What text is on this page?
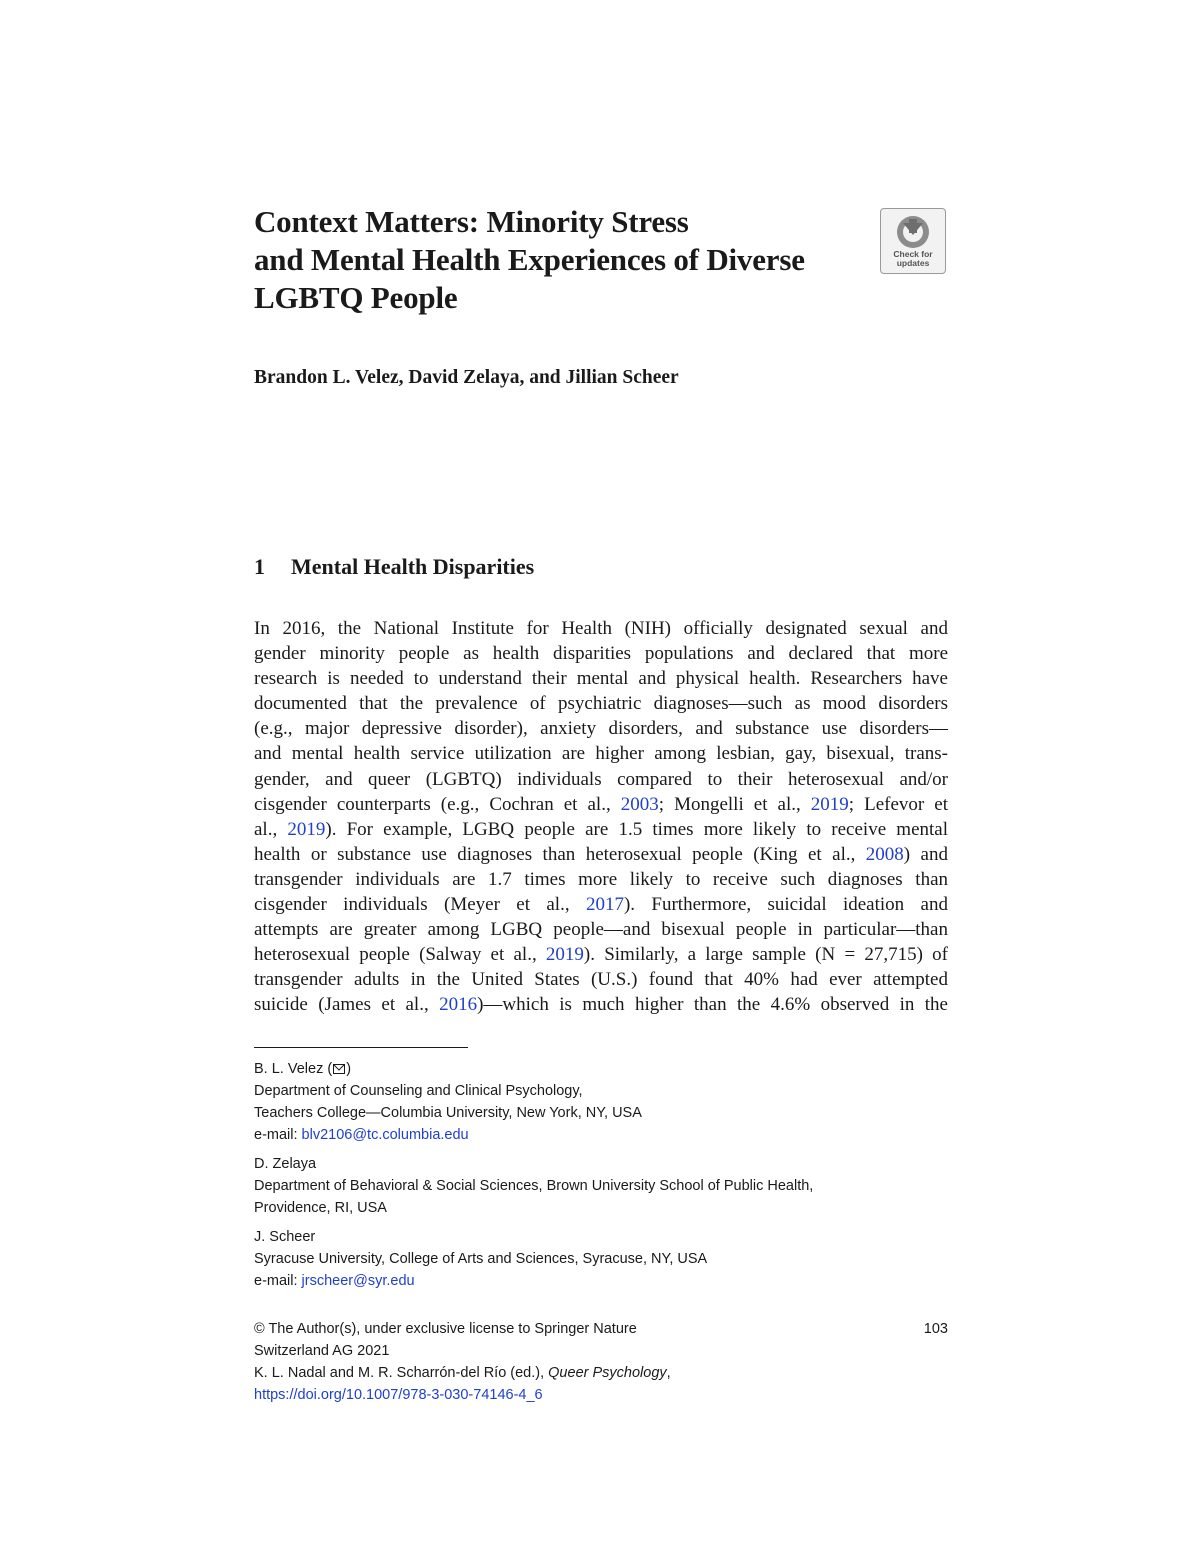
Context Matters: Minority Stress
and Mental Health Experiences of Diverse
LGBTQ People
Check for
updates

Brandon L. Velez, David Zelaya, and Jillian Scheer

1 Mental Health Disparities
In 2016, the National Institute for Health (NIH) officially designated sexual and
gender minority people as health disparities populations and declared that more
research is needed to understand their mental and physical health. Researchers have
documented that the prevalence of psychiatric diagnoses—such as mood disorders
(e.g., major depressive disorder), anxiety disorders, and substance use disorders—
and mental health service utilization are higher among lesbian, gay, bisexual, trans-
gender, and queer (LGBTQ) individuals compared to their heterosexual and/or
cisgender counterparts (e.g., Cochran et al., 2003; Mongelli et al., 2019; Lefevor et
al., 2019). For example, LGBQ people are 1.5 times more likely to receive mental
health or substance use diagnoses than heterosexual people (King et al., 2008) and
transgender individuals are 1.7 times more likely to receive such diagnoses than
cisgender individuals (Meyer et al., 2017). Furthermore, suicidal ideation and
attempts are greater among LGBQ people—and bisexual people in particular—than
heterosexual people (Salway et al., 2019). Similarly, a large sample (N = 27,715) of
transgender adults in the United States (U.S.) found that 40% had ever attempted
suicide (James et al., 2016)—which is much higher than the 4.6% observed in the
B. L. Velez ( )
Department of Counseling and Clinical Psychology,
Teachers College—Columbia University, New York, NY, USA
e-mail: blv2106@tc.columbia.edu
D. Zelaya
Department of Behavioral & Social Sciences, Brown University School of Public Health,
Providence, RI, USA
J. Scheer
Syracuse University, College of Arts and Sciences, Syracuse, NY, USA
e-mail: jrscheer@syr.edu
103
© The Author(s), under exclusive license to Springer Nature
Switzerland AG 2021
K. L. Nadal and M. R. Scharrón-del Río (ed.), Queer Psychology,
https://doi.org/10.1007/978-3-030-74146-4_6
